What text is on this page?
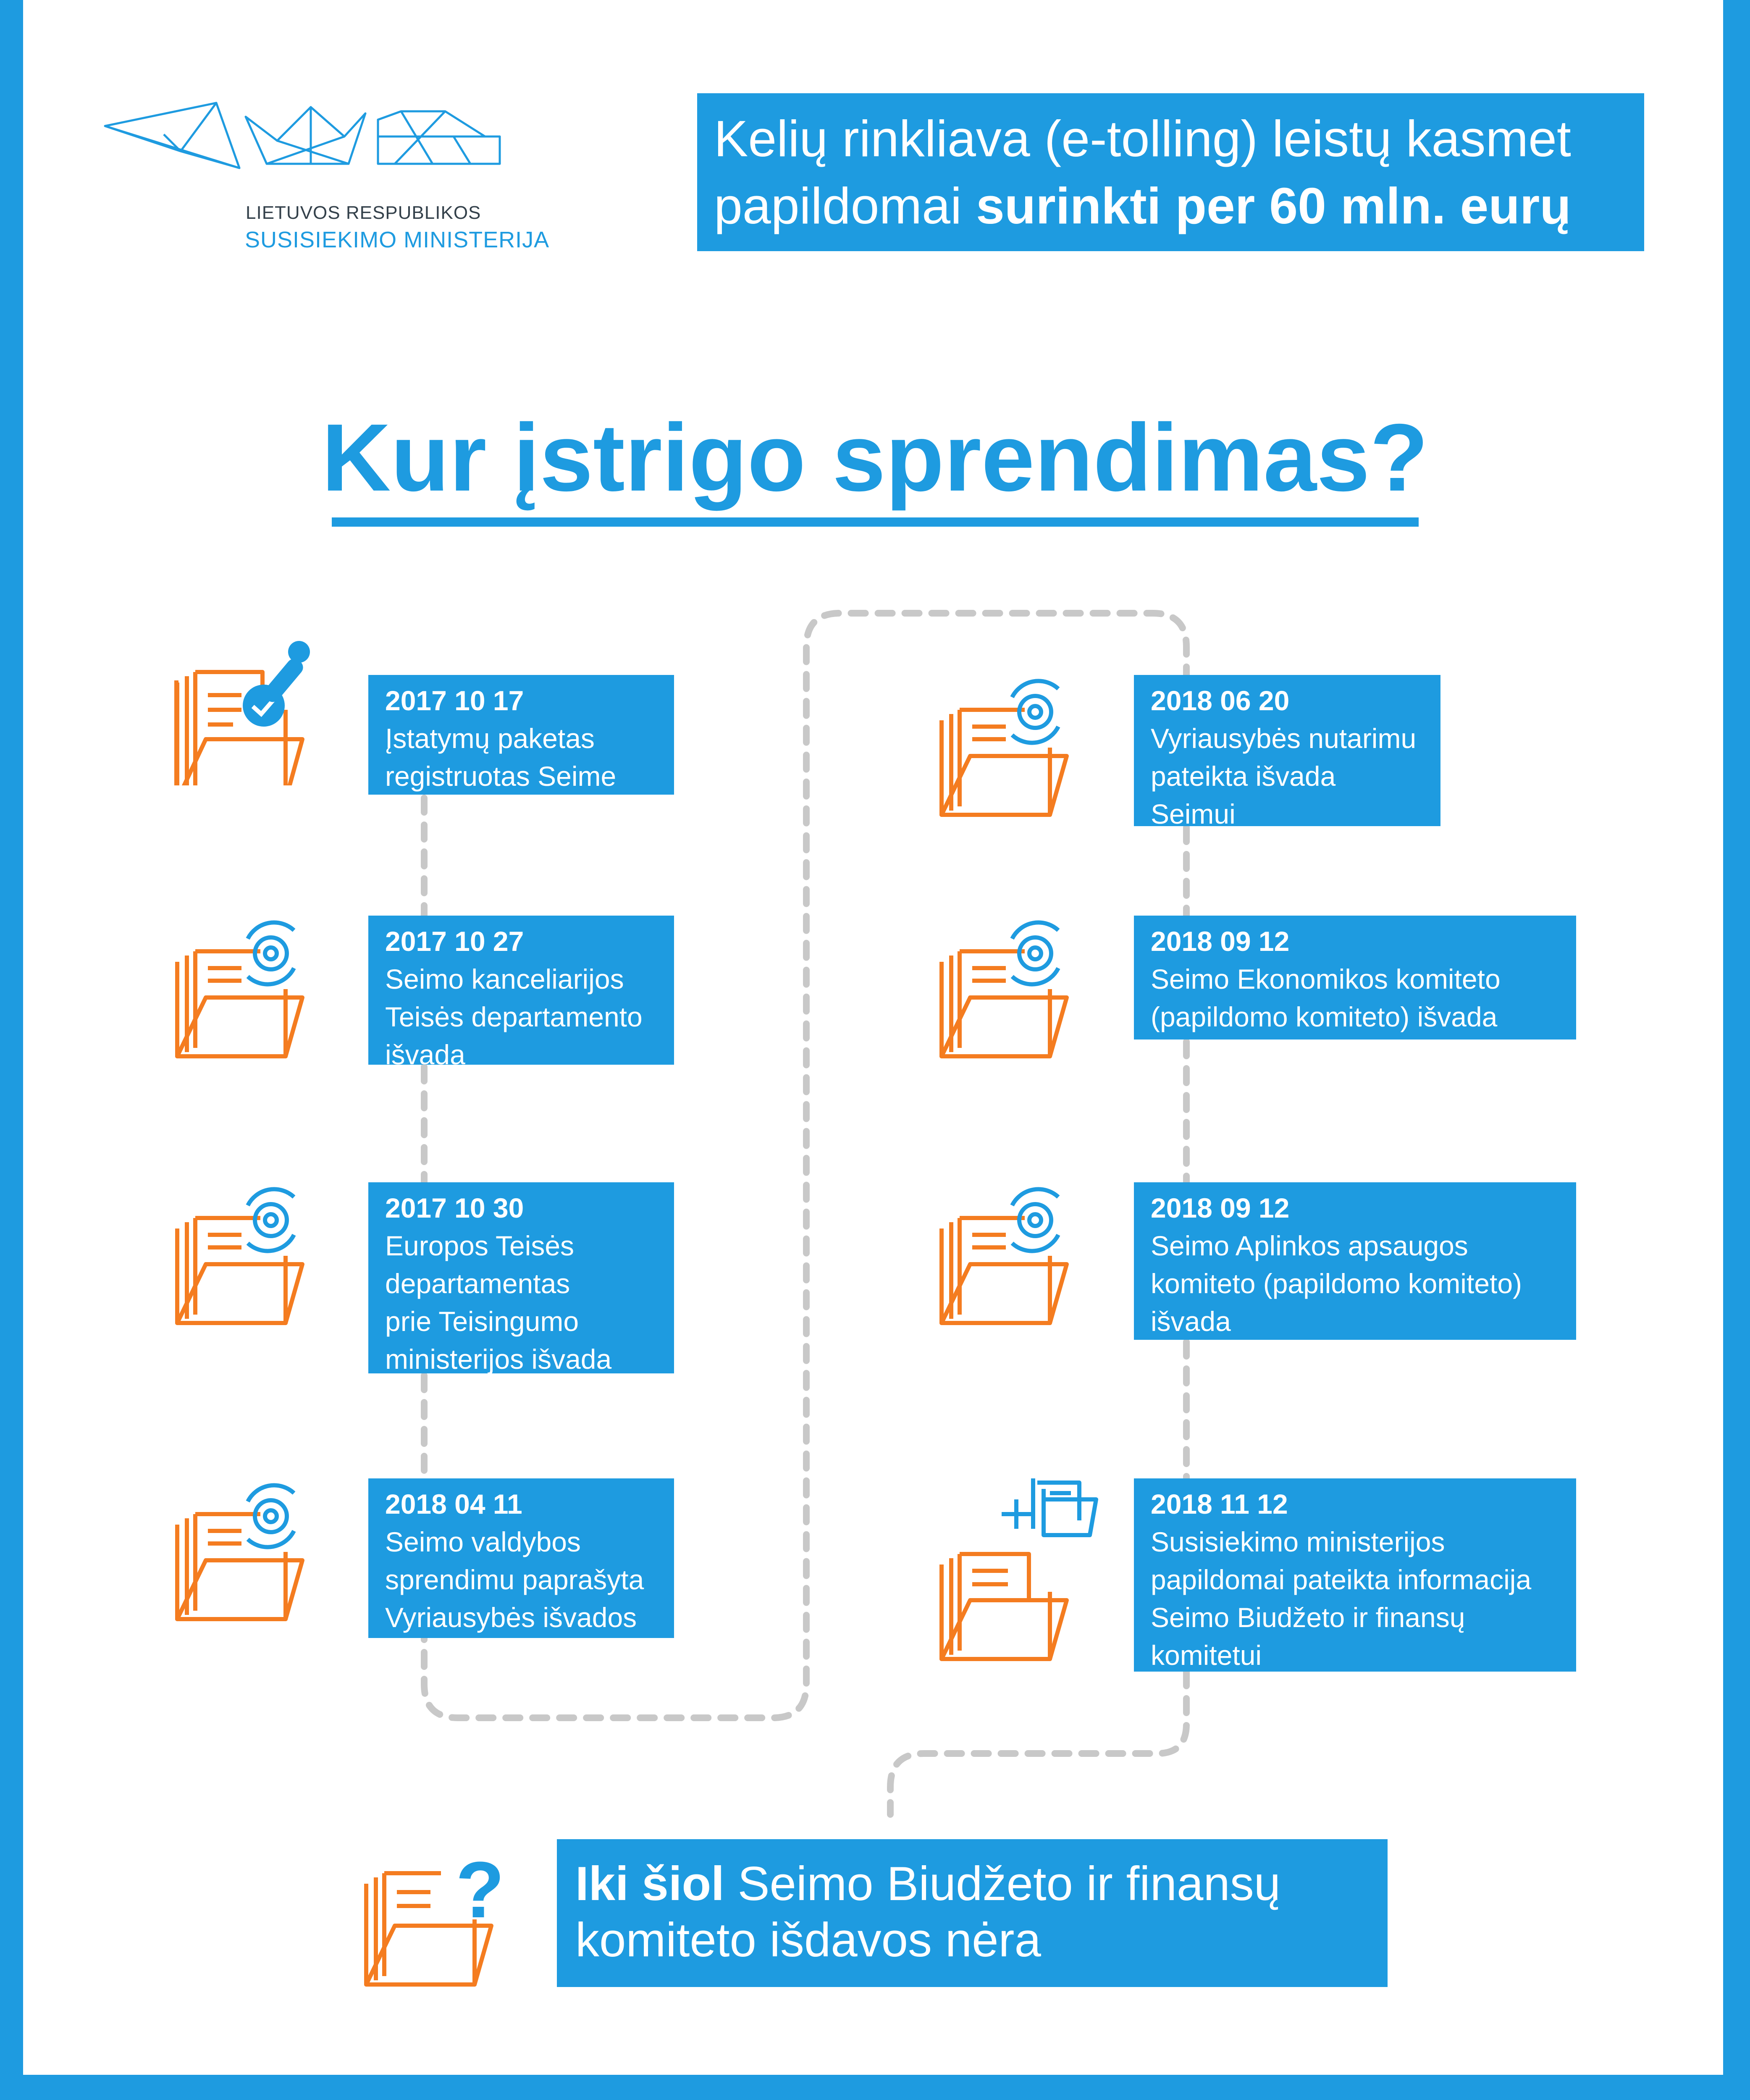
LIETUVOS RESPUBLIKOS
SUSISIEKIMO MINISTERIJA
Kelių rinkliava (e-tolling) leistų kasmet
papildomai surinkti per 60 mln. eurų
Kur įstrigo sprendimas?
?
2017 10 17
Įstatymų paketas
registruotas Seime
2017 10 27
Seimo kanceliarijos
Teisės departamento
išvada
2017 10 30
Europos Teisės
departamentas
prie Teisingumo
ministerijos išvada
2018 04 11
Seimo valdybos
sprendimu paprašyta
Vyriausybės išvados
2018 06 20
Vyriausybės nutarimu
pateikta išvada
Seimui
2018 09 12
Seimo Ekonomikos komiteto
(papildomo komiteto) išvada
2018 09 12
Seimo Aplinkos apsaugos
komiteto (papildomo komiteto)
išvada
2018 11 12
Susisiekimo ministerijos
papildomai pateikta informacija
Seimo Biudžeto ir finansų
komitetui
Iki šiol Seimo Biudžeto ir finansų
komiteto išdavos nėra
